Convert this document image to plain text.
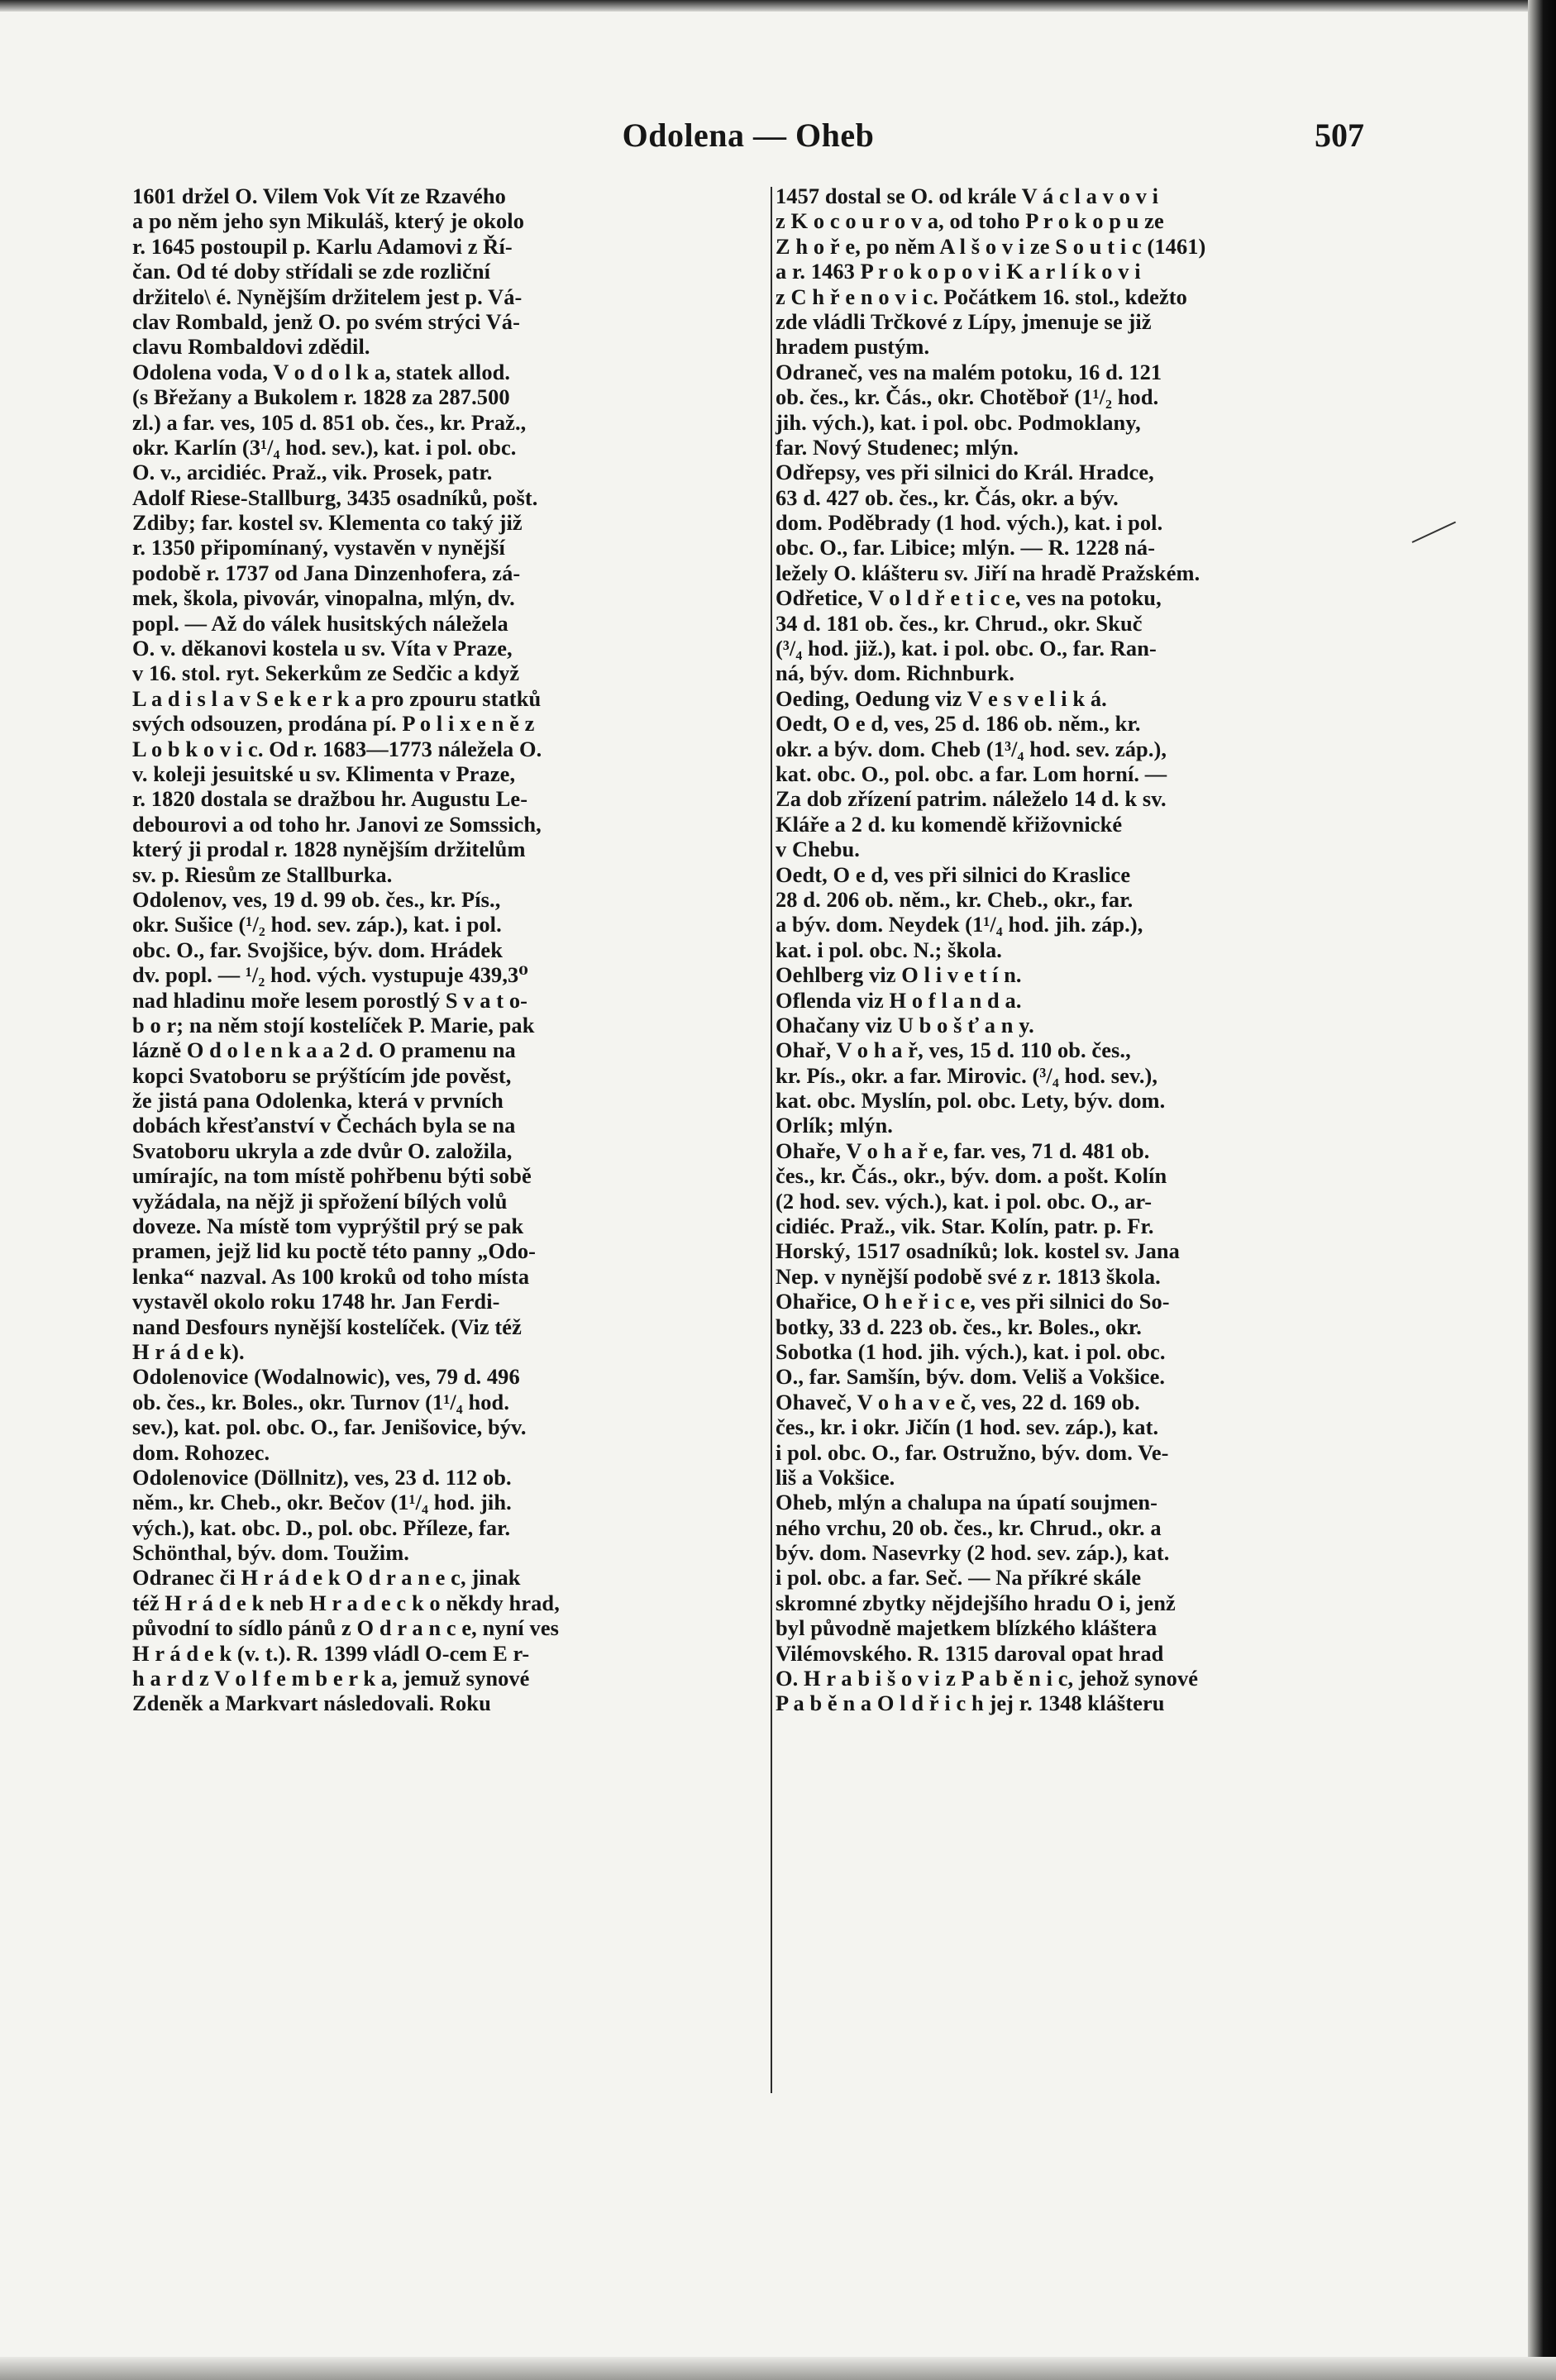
Odolena — Oheb	507
1601 držel O. Vilem Vok Vít ze Rzavého
a po něm jeho syn Mikuláš, který je okolo
r. 1645 postoupil p. Karlu Adamovi z Ří-
čan. Od té doby střídali se zde rozliční
držitelo\ é. Nynějším držitelem jest p. Vá-
clav Rombald, jenž O. po svém strýci Vá-
clavu Rombaldovi zdědil.
Odolena voda, V o d o l k a, statek allod.
(s Břežany a Bukolem r. 1828 za 287.500
zl.) a far. ves, 105 d. 851 ob. čes., kr. Praž.,
okr. Karlín (3¹/₄ hod. sev.), kat. i pol. obc.
O. v., arcidiéc. Praž., vik. Prosek, patr.
Adolf Riese-Stallburg, 3435 osadníků, pošt.
Zdiby; far. kostel sv. Klementa co taký již
r. 1350 připomínaný, vystavěn v nynější
podobě r. 1737 od Jana Dinzenhofera, zá-
mek, škola, pivovár, vinopalna, mlýn, dv.
popl. — Až do válek husitských náležela
O. v. děkanovi kostela u sv. Víta v Praze,
v 16. stol. ryt. Sekerkům ze Sedčic a když
L a d i s l a v S e k e r k a pro zpouru statků
svých odsouzen, prodána pí. P o l i x e n ě z
L o b k o v i c. Od r. 1683—1773 náležela O.
v. koleji jesuitské u sv. Klimenta v Praze,
r. 1820 dostala se dražbou hr. Augustu Le-
debourovi a od toho hr. Janovi ze Somssich,
který ji prodal r. 1828 nynějším držitelům
sv. p. Riesům ze Stallburka.
Odolenov, ves, 19 d. 99 ob. čes., kr. Pís.,
okr. Sušice (¹/₂ hod. sev. záp.), kat. i pol.
obc. O., far. Svojšice, býv. dom. Hrádek
dv. popl. — ¹/₂ hod. vých. vystupuje 439,3⁰
nad hladinu moře lesem porostlý S v a t o-
b o r; na něm stojí kostelíček P. Marie, pak
lázně O d o l e n k a a 2 d. O pramenu na
kopci Svatoboru se prýštícím jde pověst,
že jistá pana Odolenka, která v prvních
dobách křesťanství v Čechách byla se na
Svatoboru ukryla a zde dvůr O. založila,
umírajíc, na tom místě pohřbenu býti sobě
vyžádala, na nějž ji spřožení bílých volů
doveze. Na místě tom vyprýštil prý se pak
pramen, jejž lid ku poctě této panny „Odo-
lenka“ nazval. As 100 kroků od toho místa
vystavěl okolo roku 1748 hr. Jan Ferdi-
nand Desfours nynější kostelíček. (Viz též
H r á d e k).
Odolenovice (Wodalnowic), ves, 79 d. 496
ob. čes., kr. Boles., okr. Turnov (1¹/₄ hod.
sev.), kat. pol. obc. O., far. Jenišovice, býv.
dom. Rohozec.
Odolenovice (Döllnitz), ves, 23 d. 112 ob.
něm., kr. Cheb., okr. Bečov (1¹/₄ hod. jih.
vých.), kat. obc. D., pol. obc. Příleze, far.
Schönthal, býv. dom. Toužim.
Odranec či H r á d e k O d r a n e c, jinak
též H r á d e k neb H r a d e c k o někdy hrad,
původní to sídlo pánů z O d r a n c e, nyní ves
H r á d e k (v. t.). R. 1399 vládl O-cem E r-
h a r d z V o l f e m b e r k a, jemuž synové
Zdeněk a Markvart následovali. Roku
1457 dostal se O. od krále V á c l a v o v i
z K o c o u r o v a, od toho P r o k o p u ze
Z h o ř e, po něm A l š o v i ze S o u t i c (1461)
a r. 1463 P r o k o p o v i K a r l í k o v i
z C h ř e n o v i c. Počátkem 16. stol., kdežto
zde vládli Trčkové z Lípy, jmenuje se již
hradem pustým.
Odraneč, ves na malém potoku, 16 d. 121
ob. čes., kr. Čás., okr. Chotěboř (1¹/₂ hod.
jih. vých.), kat. i pol. obc. Podmoklany,
far. Nový Studenec; mlýn.
Odřepsy, ves při silnici do Král. Hradce,
63 d. 427 ob. čes., kr. Čás, okr. a býv.
dom. Poděbrady (1 hod. vých.), kat. i pol.
obc. O., far. Libice; mlýn. — R. 1228 ná-
ležely O. klášteru sv. Jiří na hradě Pražském.
Odřetice, V o l d ř e t i c e, ves na potoku,
34 d. 181 ob. čes., kr. Chrud., okr. Skuč
(³/₄ hod. již.), kat. i pol. obc. O., far. Ran-
ná, býv. dom. Richnburk.
Oeding, Oedung viz V e s v e l i k á.
Oedt, O e d, ves, 25 d. 186 ob. něm., kr.
okr. a býv. dom. Cheb (1³/₄ hod. sev. záp.),
kat. obc. O., pol. obc. a far. Lom horní. —
Za dob zřízení patrim. náleželo 14 d. k sv.
Kláře a 2 d. ku komendě křižovnické
v Chebu.
Oedt, O e d, ves při silnici do Kraslice
28 d. 206 ob. něm., kr. Cheb., okr., far.
a býv. dom. Neydek (1¹/₄ hod. jih. záp.),
kat. i pol. obc. N.; škola.
Oehlberg viz O l i v e t í n.
Oflenda viz H o f l a n d a.
Ohačany viz U b o š ť a n y.
Ohař, V o h a ř, ves, 15 d. 110 ob. čes.,
kr. Pís., okr. a far. Mirovic. (³/₄ hod. sev.),
kat. obc. Myslín, pol. obc. Lety, býv. dom.
Orlík; mlýn.
Ohaře, V o h a ř e, far. ves, 71 d. 481 ob.
čes., kr. Čás., okr., býv. dom. a pošt. Kolín
(2 hod. sev. vých.), kat. i pol. obc. O., ar-
cidiéc. Praž., vik. Star. Kolín, patr. p. Fr.
Horský, 1517 osadníků; lok. kostel sv. Jana
Nep. v nynější podobě své z r. 1813 škola.
Ohařice, O h e ř i c e, ves při silnici do So-
botky, 33 d. 223 ob. čes., kr. Boles., okr.
Sobotka (1 hod. jih. vých.), kat. i pol. obc.
O., far. Samšín, býv. dom. Veliš a Vokšice.
Ohaveč, V o h a v e č, ves, 22 d. 169 ob.
čes., kr. i okr. Jičín (1 hod. sev. záp.), kat.
i pol. obc. O., far. Ostružno, býv. dom. Ve-
liš a Vokšice.
Oheb, mlýn a chalupa na úpatí soujmen-
ného vrchu, 20 ob. čes., kr. Chrud., okr. a
býv. dom. Nasevrky (2 hod. sev. záp.), kat.
i pol. obc. a far. Seč. — Na příkré skále
skromné zbytky nějdejšího hradu O i, jenž
byl původně majetkem blízkého kláštera
Vilémovského. R. 1315 daroval opat hrad
O. H r a b i š o v i z P a b ě n i c, jehož synové
P a b ě n a O l d ř i c h jej r. 1348 klášteru
